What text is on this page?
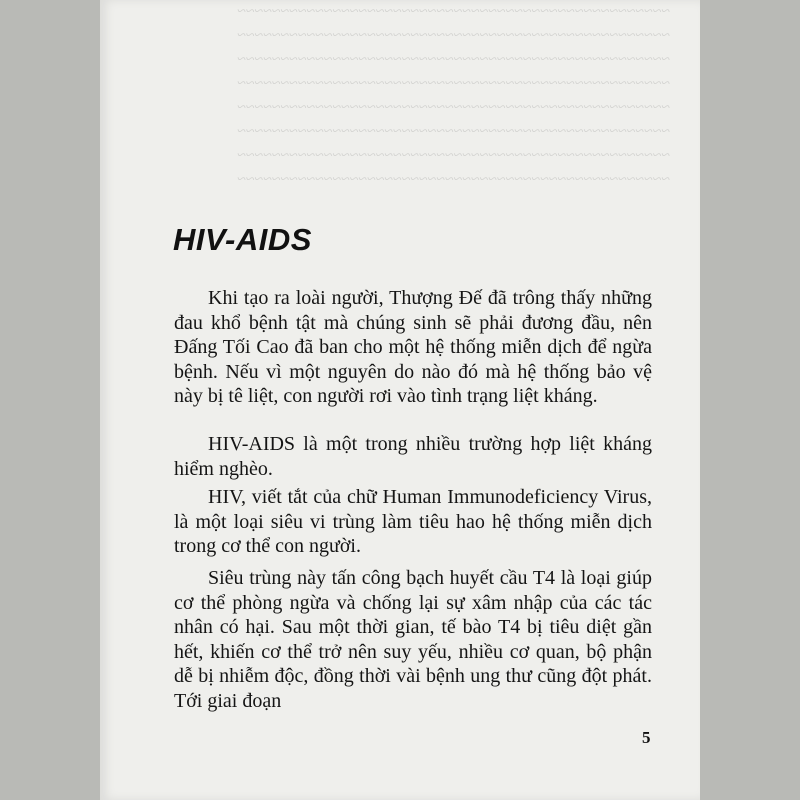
~~~~~~~~~~~~~~~~~~~~~~~~~~~~~~~~~~~~~~~~~~~~~~~~~~
~~~~~~~~~~~~~~~~~~~~~~~~~~~~~~~~~~~~~~~~~~~~~~~~~~
~~~~~~~~~~~~~~~~~~~~~~~~~~~~~~~~~~~~~~~~~~~~~~~~~~
~~~~~~~~~~~~~~~~~~~~~~~~~~~~~~~~~~~~~~~~~~~~~~~~~~
~~~~~~~~~~~~~~~~~~~~~~~~~~~~~~~~~~~~~~~~~~~~~~~~~~
~~~~~~~~~~~~~~~~~~~~~~~~~~~~~~~~~~~~~~~~~~~~~~~~~~
~~~~~~~~~~~~~~~~~~~~~~~~~~~~~~~~~~~~~~~~~~~~~~~~~~
~~~~~~~~~~~~~~~~~~~~~~~~~~~~~~~~~~~~~~~~~~~~~~~~~~
HIV-AIDS

Khi tạo ra loài người, Thượng Đế đã trông thấy những đau khổ bệnh tật mà chúng sinh sẽ phải đương đầu, nên Đấng Tối Cao đã ban cho một hệ thống miễn dịch để ngừa bệnh. Nếu vì một nguyên do nào đó mà hệ thống bảo vệ này bị tê liệt, con người rơi vào tình trạng liệt kháng.

HIV-AIDS là một trong nhiều trường hợp liệt kháng hiểm nghèo.

HIV, viết tắt của chữ Human Immunodeficiency Virus, là một loại siêu vi trùng làm tiêu hao hệ thống miễn dịch trong cơ thể con người.

Siêu trùng này tấn công bạch huyết cầu T4 là loại giúp cơ thể phòng ngừa và chống lại sự xâm nhập của các tác nhân có hại. Sau một thời gian, tế bào T4 bị tiêu diệt gần hết, khiến cơ thể trở nên suy yếu, nhiều cơ quan, bộ phận dễ bị nhiễm độc, đồng thời vài bệnh ung thư cũng đột phát. Tới giai đoạn

5
